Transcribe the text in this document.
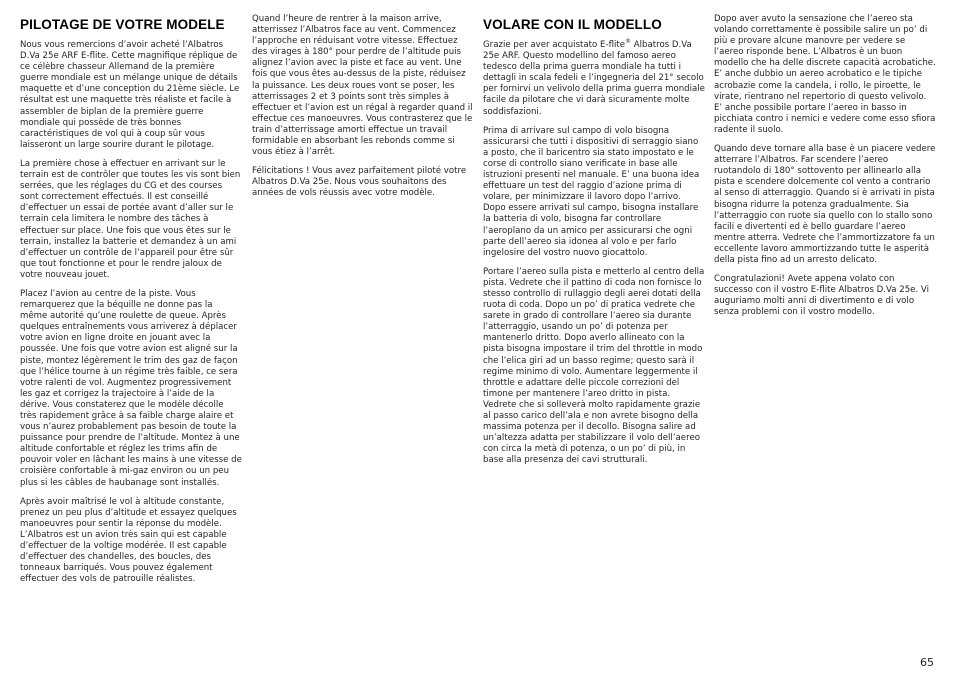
PILOTAGE DE VOTRE MODELE

Nous vous remercions d’avoir acheté l’Albatros D.Va 25e ARF E-flite. Cette magnifique réplique de ce célèbre chasseur Allemand de la première guerre mondiale est un mélange unique de détails maquette et d’une conception du 21ème siècle. Le résultat est une maquette très réaliste et facile à assembler de biplan de la première guerre mondiale qui possède de très bonnes caractéristiques de vol qui à coup sûr vous laisseront un large sourire durant le pilotage.

La première chose à effectuer en arrivant sur le terrain est de contrôler que toutes les vis sont bien serrées, que les réglages du CG et des courses sont correctement effectués. Il est conseillé d’effectuer un essai de portée avant d’aller sur le terrain cela limitera le nombre des tâches à effectuer sur place. Une fois que vous êtes sur le terrain, installez la batterie et demandez à un ami d’effectuer un contrôle de l’appareil pour être sûr que tout fonctionne et pour le rendre jaloux de votre nouveau jouet.

Placez l’avion au centre de la piste. Vous remarquerez que la béquille ne donne pas la même autorité qu’une roulette de queue. Après quelques entraînements vous arriverez à déplacer votre avion en ligne droite en jouant avec la poussée. Une fois que votre avion est aligné sur la piste, montez légèrement le trim des gaz de façon que l’hélice tourne à un régime très faible, ce sera votre ralenti de vol. Augmentez progressivement les gaz et corrigez la trajectoire à l’aide de la dérive. Vous constaterez que le modèle décolle très rapidement grâce à sa faible charge alaire et vous n’aurez probablement pas besoin de toute la puissance pour prendre de l’altitude. Montez à une altitude confortable et réglez les trims afin de pouvoir voler en lâchant les mains à une vitesse de croisière confortable à mi-gaz environ ou un peu plus si les câbles de haubanage sont installés.

Après avoir maîtrisé le vol à altitude constante, prenez un peu plus d’altitude et essayez quelques manoeuvres pour sentir la réponse du modèle. L’Albatros est un avion très sain qui est capable d’effectuer de la voltige modérée. Il est capable d’effectuer des chandelles, des boucles, des tonneaux barriqués. Vous pouvez également effectuer des vols de patrouille réalistes.

Quand l’heure de rentrer à la maison arrive, atterrissez l’Albatros face au vent. Commencez l’approche en réduisant votre vitesse. Effectuez des virages à 180° pour perdre de l’altitude puis alignez l’avion avec la piste et face au vent. Une fois que vous êtes au-dessus de la piste, réduisez la puissance. Les deux roues vont se poser, les atterrissages 2 et 3 points sont très simples à effectuer et l’avion est un régal à regarder quand il effectue ces manoeuvres. Vous contrasterez que le train d’atterrissage amorti effectue un travail formidable en absorbant les rebonds comme si vous étiez à l’arrêt.

Félicitations ! Vous avez parfaitement piloté votre Albatros D.Va 25e. Nous vous souhaitons des années de vols réussis avec votre modèle.

VOLARE CON IL MODELLO

Grazie per aver acquistato E-flite® Albatros D.Va 25e ARF. Questo modellino del famoso aereo tedesco della prima guerra mondiale ha tutti i dettagli in scala fedeli e l’ingegneria del 21° secolo per fornirvi un velivolo della prima guerra mondiale facile da pilotare che vi darà sicuramente molte soddisfazioni.

Prima di arrivare sul campo di volo bisogna assicurarsi che tutti i dispositivi di serraggio siano a posto, che il baricentro sia stato impostato e le corse di controllo siano verificate in base alle istruzioni presenti nel manuale. E’ una buona idea effettuare un test del raggio d’azione prima di volare, per minimizzare il lavoro dopo l’arrivo. Dopo essere arrivati sul campo, bisogna installare la batteria di volo, bisogna far controllare l’aeroplano da un amico per assicurarsi che ogni parte dell’aereo sia idonea al volo e per farlo ingelosire del vostro nuovo giocattolo.

Portare l’aereo sulla pista e metterlo al centro della pista. Vedrete che il pattino di coda non fornisce lo stesso controllo di rullaggio degli aerei dotati della ruota di coda. Dopo un po’ di pratica vedrete che sarete in grado di controllare l’aereo sia durante l’atterraggio, usando un po’ di potenza per mantenerlo dritto. Dopo averlo allineato con la pista bisogna impostare il trim del throttle in modo che l’elica giri ad un basso regime; questo sarà il regime minimo di volo. Aumentare leggermente il throttle e adattare delle piccole correzioni del timone per mantenere l’areo dritto in pista. Vedrete che si solleverà molto rapidamente grazie al passo carico dell’ala e non avrete bisogno della massima potenza per il decollo. Bisogna salire ad un’altezza adatta per stabilizzare il volo dell’aereo con circa la metà di potenza, o un po’ di più, in base alla presenza dei cavi strutturali.

Dopo aver avuto la sensazione che l’aereo sta volando correttamente è possibile salire un po’ di più e provare alcune manovre per vedere se l’aereo risponde bene. L’Albatros è un buon modello che ha delle discrete capacità acrobatiche. E’ anche dubbio un aereo acrobatico e le tipiche acrobazie come la candela, i rollo, le piroette, le virate, rientrano nel repertorio di questo velivolo. E’ anche possibile portare l’aereo in basso in picchiata contro i nemici e vedere come esso sfiora radente il suolo.

Quando deve tornare alla base è un piacere vedere atterrare l’Albatros. Far scendere l’aereo ruotandolo di 180° sottovento per allinearlo alla pista e scendere dolcemente col vento a contrario al senso di atterraggio. Quando si è arrivati in pista bisogna ridurre la potenza gradualmente. Sia l’atterraggio con ruote sia quello con lo stallo sono facili e divertenti ed è bello guardare l’aereo mentre atterra. Vedrete che l’ammortizzatore fa un eccellente lavoro ammortizzando tutte le asperità della pista fino ad un arresto delicato.

Congratulazioni! Avete appena volato con successo con il vostro E-flite Albatros D.Va 25e. Vi auguriamo molti anni di divertimento e di volo senza problemi con il vostro modello.

65
